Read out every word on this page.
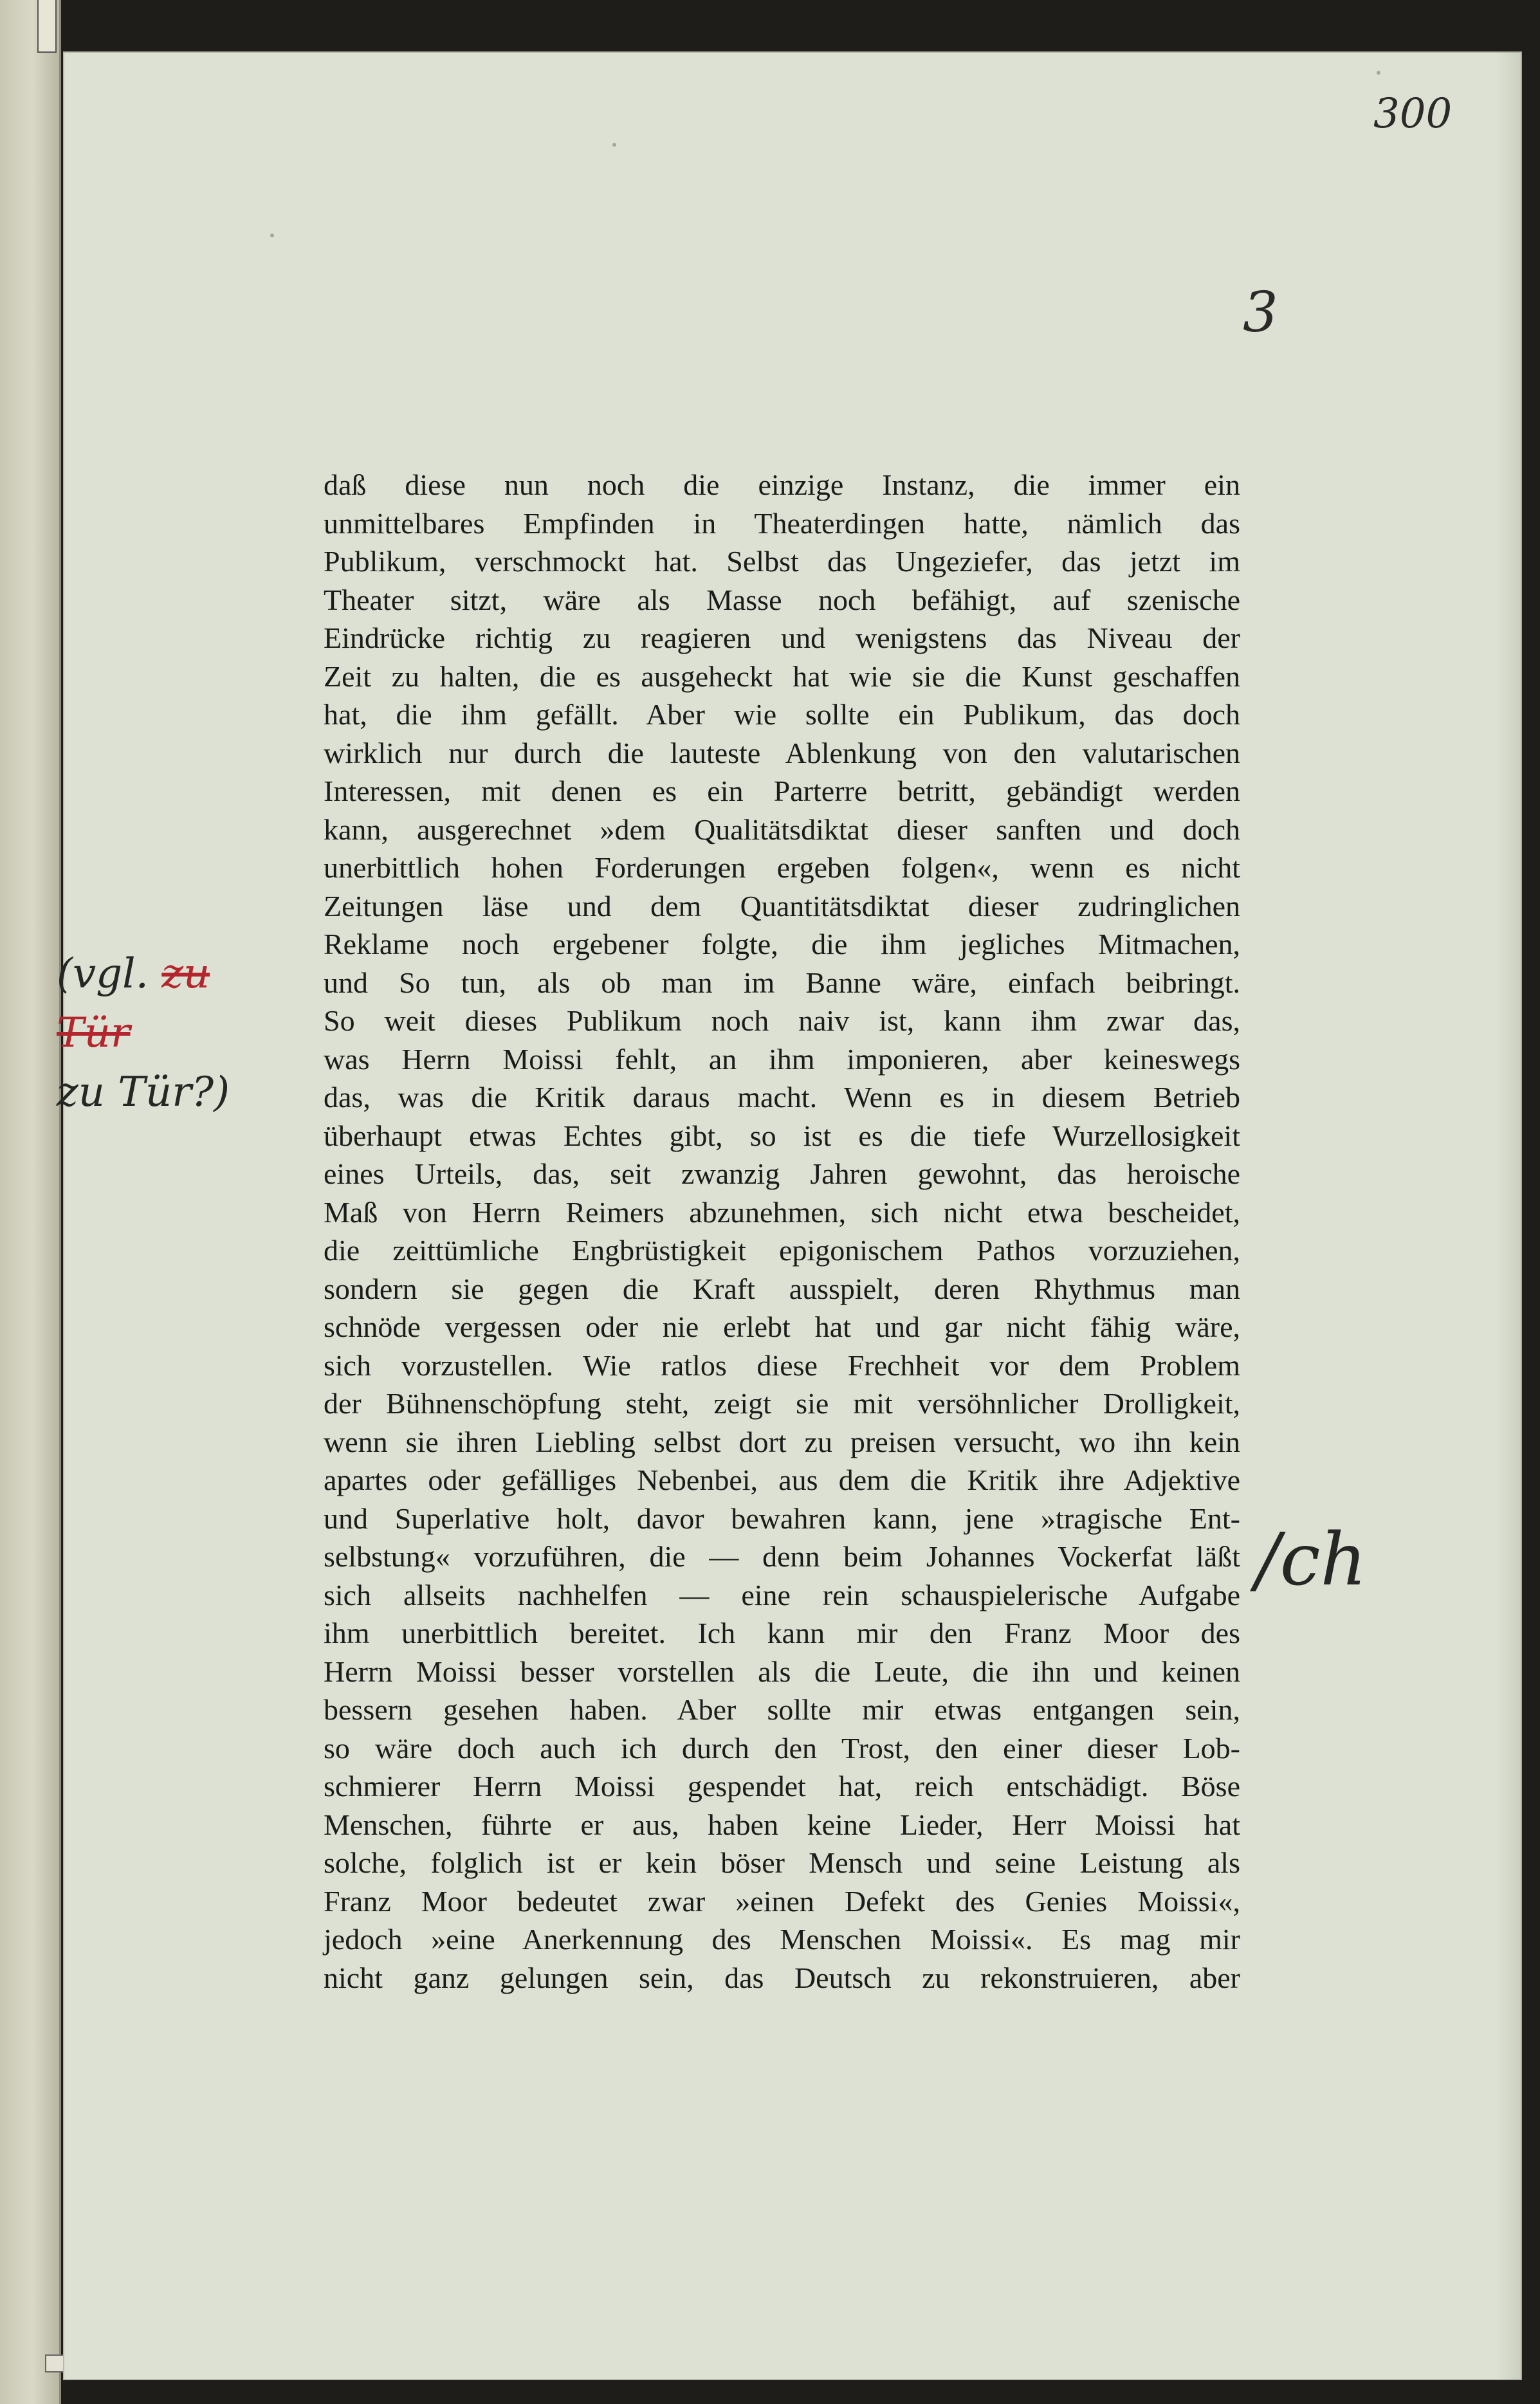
300
3
(vgl. zu Tür
zu Tür?)
/ch
daß diese nun noch die einzige Instanz, die immer ein
unmittelbares Empfinden in Theaterdingen hatte, nämlich das
Publikum, verschmockt hat. Selbst das Ungeziefer, das jetzt im
Theater sitzt, wäre als Masse noch befähigt, auf szenische
Eindrücke richtig zu reagieren und wenigstens das Niveau der
Zeit zu halten, die es ausgeheckt hat wie sie die Kunst geschaffen
hat, die ihm gefällt. Aber wie sollte ein Publikum, das doch
wirklich nur durch die lauteste Ablenkung von den valutarischen
Interessen, mit denen es ein Parterre betritt, gebändigt werden
kann, ausgerechnet »dem Qualitätsdiktat dieser sanften und doch
unerbittlich hohen Forderungen ergeben folgen«, wenn es nicht
Zeitungen läse und dem Quantitätsdiktat dieser zudringlichen
Reklame noch ergebener folgte, die ihm jegliches Mitmachen,
und So tun, als ob man im Banne wäre, einfach beibringt.
So weit dieses Publikum noch naiv ist, kann ihm zwar das,
was Herrn Moissi fehlt, an ihm imponieren, aber keineswegs
das, was die Kritik daraus macht. Wenn es in diesem Betrieb
überhaupt etwas Echtes gibt, so ist es die tiefe Wurzellosigkeit
eines Urteils, das, seit zwanzig Jahren gewohnt, das heroische
Maß von Herrn Reimers abzunehmen, sich nicht etwa bescheidet,
die zeittümliche Engbrüstigkeit epigonischem Pathos vorzuziehen,
sondern sie gegen die Kraft ausspielt, deren Rhythmus man
schnöde vergessen oder nie erlebt hat und gar nicht fähig wäre,
sich vorzustellen. Wie ratlos diese Frechheit vor dem Problem
der Bühnenschöpfung steht, zeigt sie mit versöhnlicher Drolligkeit,
wenn sie ihren Liebling selbst dort zu preisen versucht, wo ihn kein
apartes oder gefälliges Nebenbei, aus dem die Kritik ihre Adjektive
und Superlative holt, davor bewahren kann, jene »tragische Ent-
selbstung« vorzuführen, die — denn beim Johannes Vockerfat läßt
sich allseits nachhelfen — eine rein schauspielerische Aufgabe
ihm unerbittlich bereitet. Ich kann mir den Franz Moor des
Herrn Moissi besser vorstellen als die Leute, die ihn und keinen
bessern gesehen haben. Aber sollte mir etwas entgangen sein,
so wäre doch auch ich durch den Trost, den einer dieser Lob-
schmierer Herrn Moissi gespendet hat, reich entschädigt. Böse
Menschen, führte er aus, haben keine Lieder, Herr Moissi hat
solche, folglich ist er kein böser Mensch und seine Leistung als
Franz Moor bedeutet zwar »einen Defekt des Genies Moissi«,
jedoch »eine Anerkennung des Menschen Moissi«. Es mag mir
nicht ganz gelungen sein, das Deutsch zu rekonstruieren, aber
